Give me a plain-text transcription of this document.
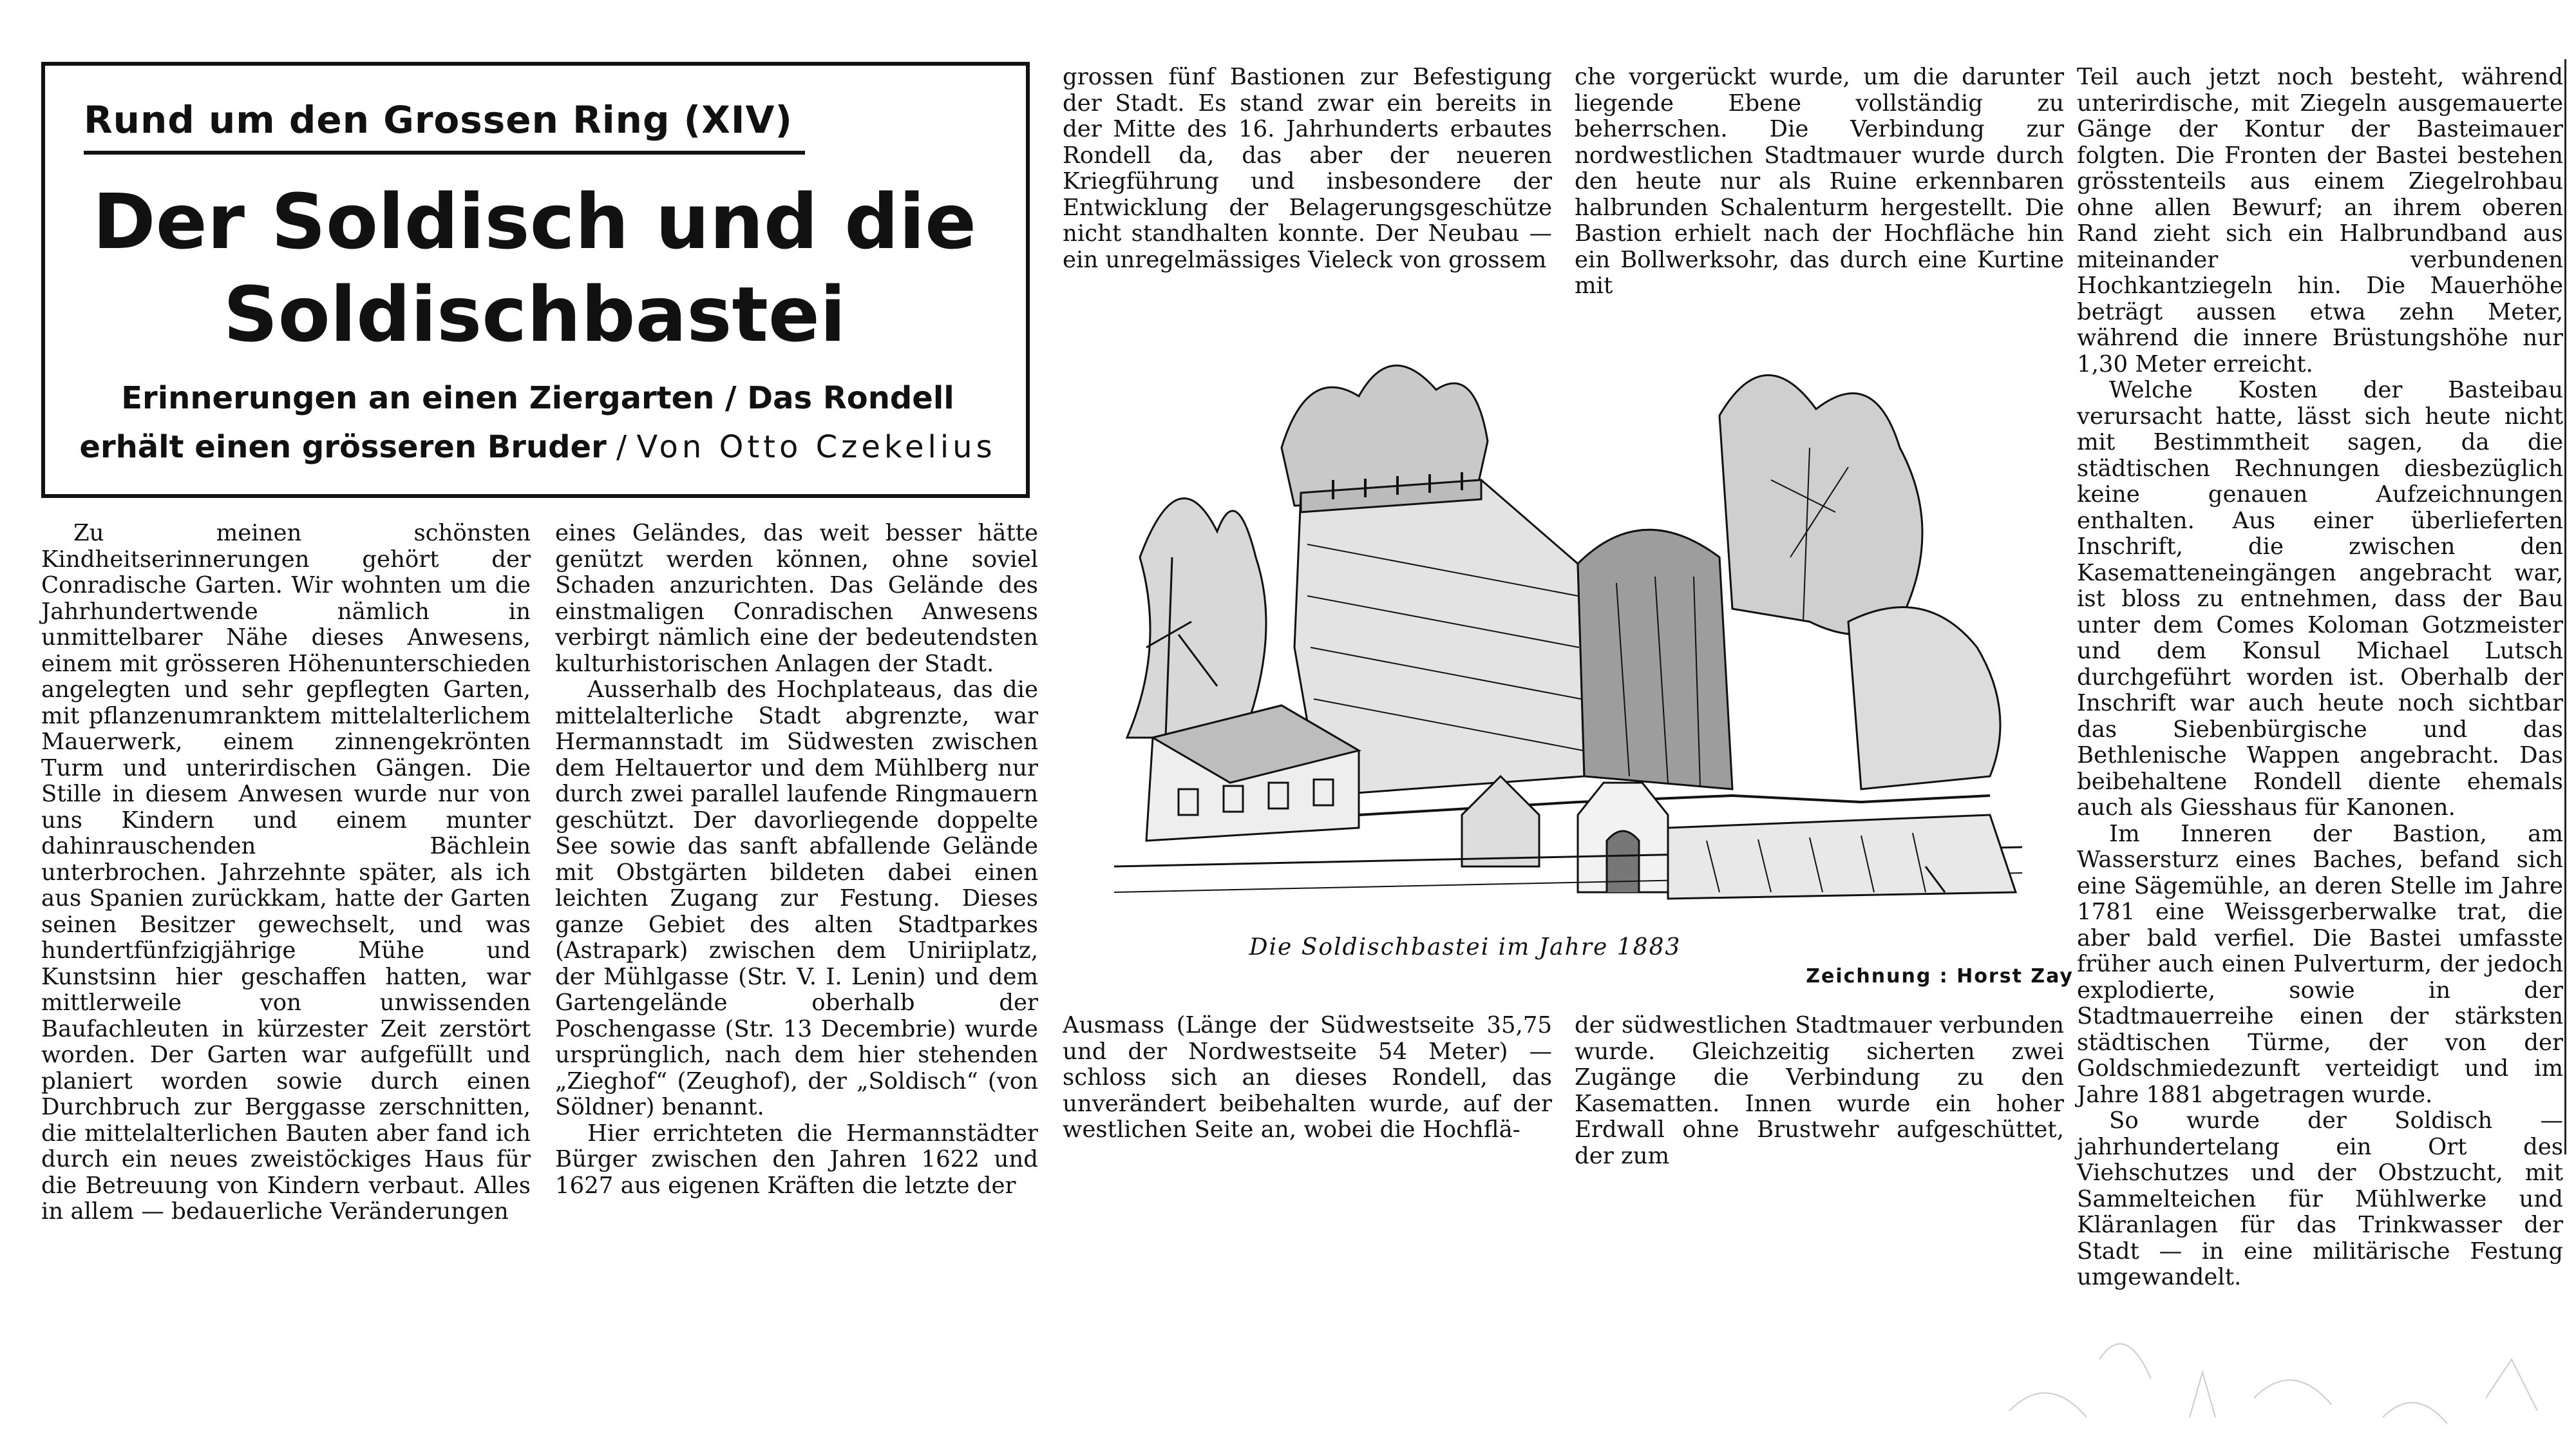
Rund um den Grossen Ring (XIV)
Der Soldisch und die
Soldischbastei
Erinnerungen an einen Ziergarten / Das Rondell
erhält einen grösseren Bruder / Von Otto Czekelius

Zu meinen schönsten Kindheitserinnerungen gehört der Conradische Garten. Wir wohnten um die Jahrhundertwende nämlich in unmittelbarer Nähe dieses Anwesens, einem mit grösseren Höhenunterschieden angelegten und sehr gepflegten Garten, mit pflanzenumranktem mittelalterlichem Mauerwerk, einem zinnengekrönten Turm und unterirdischen Gängen. Die Stille in diesem Anwesen wurde nur von uns Kindern und einem munter dahinrauschenden Bächlein unterbrochen. Jahrzehnte später, als ich aus Spanien zurückkam, hatte der Garten seinen Besitzer gewechselt, und was hundertfünfzigjährige Mühe und Kunstsinn hier geschaffen hatten, war mittlerweile von unwissenden Baufachleuten in kürzester Zeit zerstört worden. Der Garten war aufgefüllt und planiert worden sowie durch einen Durchbruch zur Berggasse zerschnitten, die mittelalterlichen Bauten aber fand ich durch ein neues zweistöckiges Haus für die Betreuung von Kindern verbaut. Alles in allem — bedauerliche Veränderungen

eines Geländes, das weit besser hätte genützt werden können, ohne soviel Schaden anzurichten. Das Gelände des einstmaligen Conradischen Anwesens verbirgt nämlich eine der bedeutendsten kulturhistorischen Anlagen der Stadt.

Ausserhalb des Hochplateaus, das die mittelalterliche Stadt abgrenzte, war Hermannstadt im Südwesten zwischen dem Heltauertor und dem Mühlberg nur durch zwei parallel laufende Ringmauern geschützt. Der davorliegende doppelte See sowie das sanft abfallende Gelände mit Obstgärten bildeten dabei einen leichten Zugang zur Festung. Dieses ganze Gebiet des alten Stadtparkes (Astrapark) zwischen dem Uniriiplatz, der Mühlgasse (Str. V. I. Lenin) und dem Gartengelände oberhalb der Poschengasse (Str. 13 Decembrie) wurde ursprünglich, nach dem hier stehenden „Zieghof“ (Zeughof), der „Soldisch“ (von Söldner) benannt.

Hier errichteten die Hermannstädter Bürger zwischen den Jahren 1622 und 1627 aus eigenen Kräften die letzte der

grossen fünf Bastionen zur Befestigung der Stadt. Es stand zwar ein bereits in der Mitte des 16. Jahrhunderts erbautes Rondell da, das aber der neueren Kriegführung und insbesondere der Entwicklung der Belagerungsgeschütze nicht standhalten konnte. Der Neubau — ein unregelmässiges Vieleck von grossem

che vorgerückt wurde, um die darunter liegende Ebene vollständig zu beherrschen. Die Verbindung zur nordwestlichen Stadtmauer wurde durch den heute nur als Ruine erkennbaren halbrunden Schalenturm hergestellt. Die Bastion erhielt nach der Hochfläche hin ein Bollwerksohr, das durch eine Kurtine mit

Die Soldischbastei im Jahre 1883
Zeichnung : Horst Zay

Ausmass (Länge der Südwestseite 35,75 und der Nordwestseite 54 Meter) — schloss sich an dieses Rondell, das unverändert beibehalten wurde, auf der westlichen Seite an, wobei die Hochflä-

der südwestlichen Stadtmauer verbunden wurde. Gleichzeitig sicherten zwei Zugänge die Verbindung zu den Kasematten. Innen wurde ein hoher Erdwall ohne Brustwehr aufgeschüttet, der zum

Teil auch jetzt noch besteht, während unterirdische, mit Ziegeln ausgemauerte Gänge der Kontur der Basteimauer folgten. Die Fronten der Bastei bestehen grösstenteils aus einem Ziegelrohbau ohne allen Bewurf; an ihrem oberen Rand zieht sich ein Halbrundband aus miteinander verbundenen Hochkantziegeln hin. Die Mauerhöhe beträgt aussen etwa zehn Meter, während die innere Brüstungshöhe nur 1,30 Meter erreicht.

Welche Kosten der Basteibau verursacht hatte, lässt sich heute nicht mit Bestimmtheit sagen, da die städtischen Rechnungen diesbezüglich keine genauen Aufzeichnungen enthalten. Aus einer überlieferten Inschrift, die zwischen den Kasematteneingängen angebracht war, ist bloss zu entnehmen, dass der Bau unter dem Comes Koloman Gotzmeister und dem Konsul Michael Lutsch durchgeführt worden ist. Oberhalb der Inschrift war auch heute noch sichtbar das Siebenbürgische und das Bethlenische Wappen angebracht. Das beibehaltene Rondell diente ehemals auch als Giesshaus für Kanonen.

Im Inneren der Bastion, am Wassersturz eines Baches, befand sich eine Sägemühle, an deren Stelle im Jahre 1781 eine Weissgerberwalke trat, die aber bald verfiel. Die Bastei umfasste früher auch einen Pulverturm, der jedoch explodierte, sowie in der Stadtmauerreihe einen der stärksten städtischen Türme, der von der Goldschmiedezunft verteidigt und im Jahre 1881 abgetragen wurde.

So wurde der Soldisch — jahrhundertelang ein Ort des Viehschutzes und der Obstzucht, mit Sammelteichen für Mühlwerke und Kläranlagen für das Trinkwasser der Stadt — in eine militärische Festung umgewandelt.
